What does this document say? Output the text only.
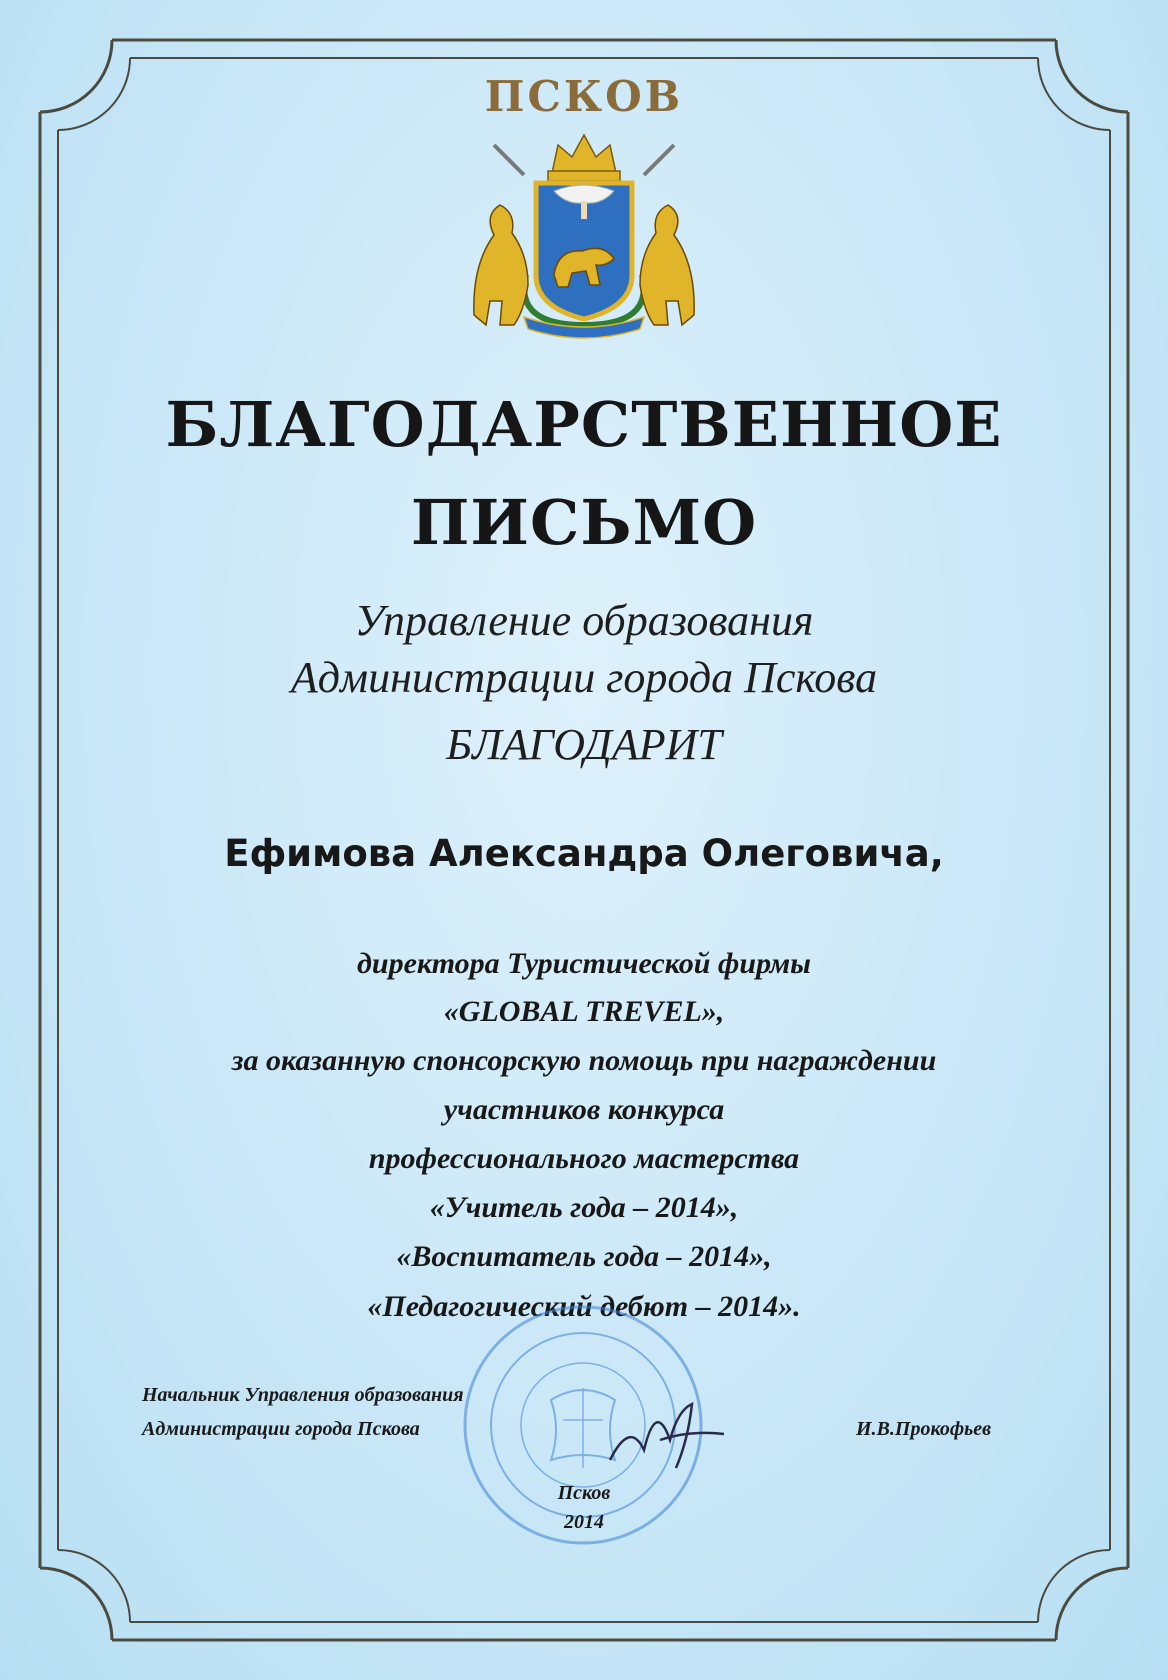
ПСКОВ
БЛАГОДАРСТВЕННОЕ
ПИСЬМО
Управление образования
Администрации города Пскова
БЛАГОДАРИТ
Ефимова Александра Олеговича,
директора Туристической фирмы
«GLOBAL TREVEL»,
за оказанную спонсорскую помощь при награждении
участников конкурса
профессионального мастерства
«Учитель года – 2014»,
«Воспитатель года – 2014»,
«Педагогический дебют – 2014».
Начальник Управления образования
Администрации города Пскова	И.В.Прокофьев
Псков
2014
